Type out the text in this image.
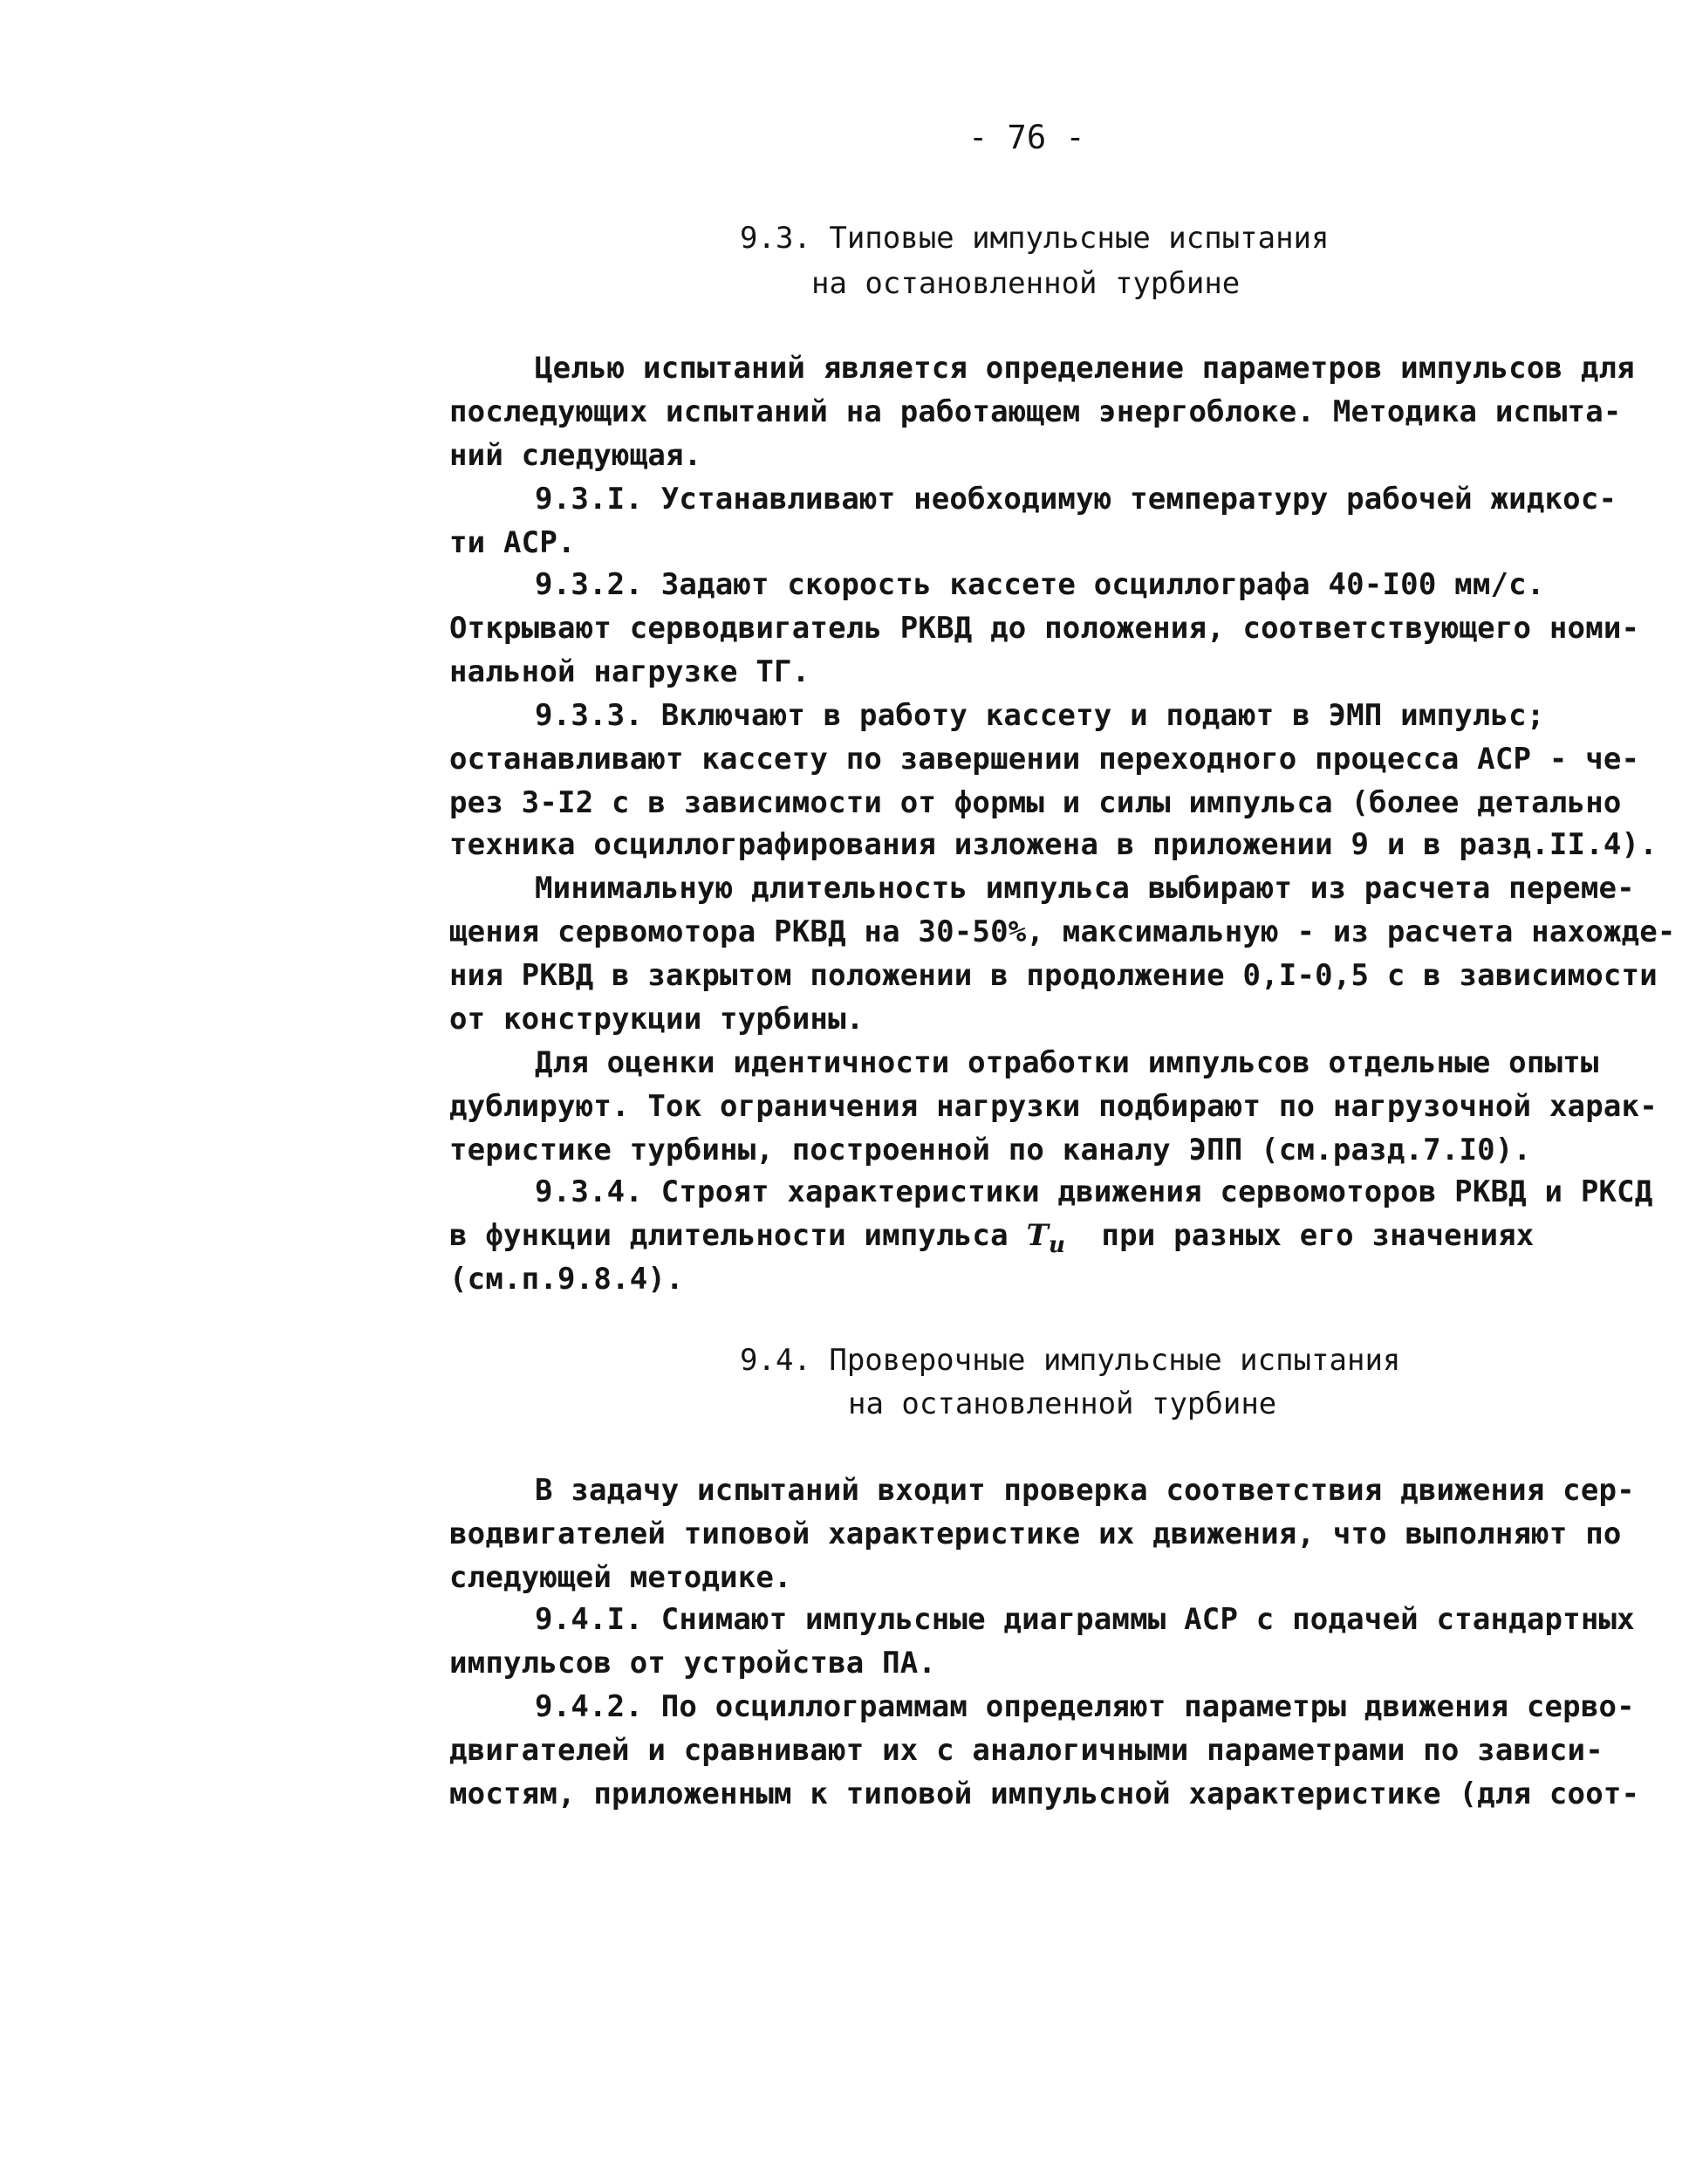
- 76 -
9.3. Типовые импульсные испытания
на остановленной турбине
Целью испытаний является определение параметров импульсов для
последующих испытаний на работающем энергоблоке. Методика испыта-
ний следующая.
9.3.I. Устанавливают необходимую температуру рабочей жидкос-
ти АСР.
9.3.2. Задают скорость кассете осциллографа 40-I00 мм/с.
Открывают серводвигатель РКВД до положения, соответствующего номи-
нальной нагрузке ТГ.
9.3.3. Включают в работу кассету и подают в ЭМП импульс;
останавливают кассету по завершении переходного процесса АСР - че-
рез 3-I2 с в зависимости от формы и силы импульса (более детально
техника осциллографирования изложена в приложении 9 и в разд.II.4).
Минимальную длительность импульса выбирают из расчета переме-
щения сервомотора РКВД на 30-50%, максимальную - из расчета нахожде-
ния РКВД в закрытом положении в продолжение 0,I-0,5 с в зависимости
от конструкции турбины.
Для оценки идентичности отработки импульсов отдельные опыты
дублируют. Ток ограничения нагрузки подбирают по нагрузочной харак-
теристике турбины, построенной по каналу ЭПП (см.разд.7.I0).
9.3.4. Строят характеристики движения сервомоторов РКВД и РКСД
в функции длительности импульса $T_u$ при разных его значениях
(см.п.9.8.4).
9.4. Проверочные импульсные испытания
на остановленной турбине
В задачу испытаний входит проверка соответствия движения сер-
водвигателей типовой характеристике их движения, что выполняют по
следующей методике.
9.4.I. Снимают импульсные диаграммы АСР с подачей стандартных
импульсов от устройства ПА.
9.4.2. По осциллограммам определяют параметры движения серво-
двигателей и сравнивают их с аналогичными параметрами по зависи-
мостям, приложенным к типовой импульсной характеристике (для соот-
